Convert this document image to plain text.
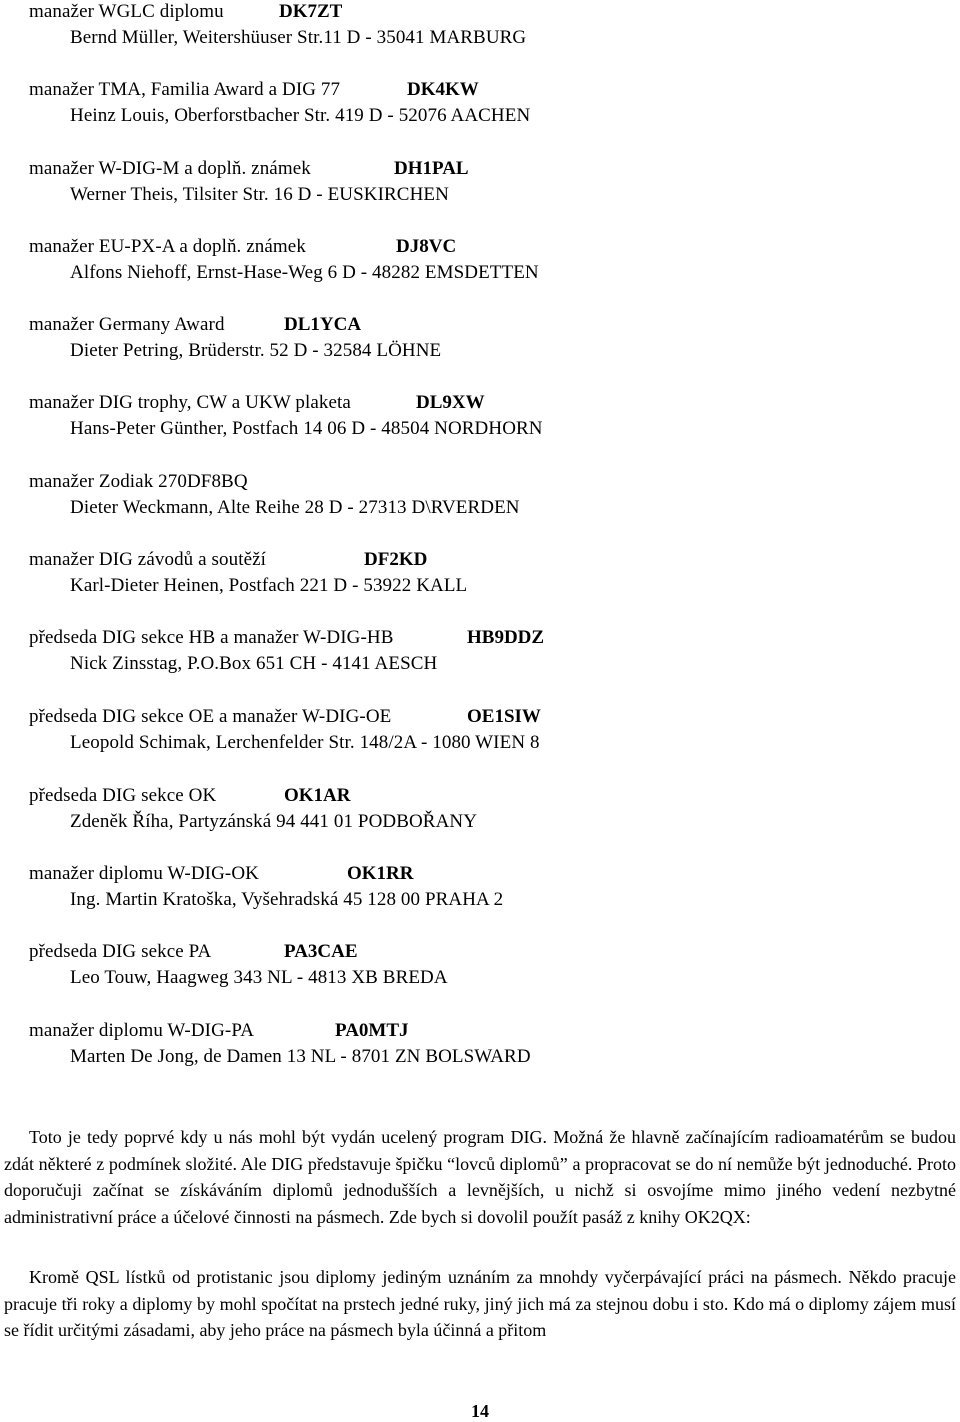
manažer WGLC diplomu	DK7ZT
Bernd Müller, Weitershüuser Str.11 D - 35041 MARBURG
manažer TMA, Familia Award a DIG 77	DK4KW
Heinz Louis, Oberforstbacher Str. 419 D - 52076 AACHEN
manažer W-DIG-M a doplň. známek	DH1PAL
Werner Theis, Tilsiter Str. 16 D - EUSKIRCHEN
manažer EU-PX-A a doplň. známek	DJ8VC
Alfons Niehoff, Ernst-Hase-Weg 6 D - 48282 EMSDETTEN
manažer Germany Award	DL1YCA
Dieter Petring, Brüderstr. 52 D - 32584 LÖHNE
manažer DIG trophy, CW a UKW plaketa	DL9XW
Hans-Peter Günther, Postfach 14 06 D - 48504 NORDHORN
manažer Zodiak 270DF8BQ
Dieter Weckmann, Alte Reihe 28 D - 27313 D\RVERDEN
manažer DIG závodů a soutěží	DF2KD
Karl-Dieter Heinen, Postfach 221 D - 53922 KALL
předseda DIG sekce HB a manažer W-DIG-HB	HB9DDZ
Nick Zinsstag, P.O.Box 651 CH - 4141 AESCH
předseda DIG sekce OE a manažer W-DIG-OE	OE1SIW
Leopold Schimak, Lerchenfelder Str. 148/2A - 1080 WIEN 8
předseda DIG sekce OK	OK1AR
Zdeněk Říha, Partyzánská 94 441 01 PODBOŘANY
manažer diplomu W-DIG-OK	OK1RR
Ing. Martin Kratoška, Vyšehradská 45 128 00 PRAHA 2
předseda DIG sekce PA	PA3CAE
Leo Touw, Haagweg 343 NL - 4813 XB BREDA
manažer diplomu W-DIG-PA	PA0MTJ
Marten De Jong, de Damen 13 NL - 8701 ZN BOLSWARD

Toto je tedy poprvé kdy u nás mohl být vydán ucelený program DIG. Možná že hlavně začínajícím radioamatérům se budou zdát některé z podmínek složité. Ale DIG představuje špičku “lovců diplomů” a propracovat se do ní nemůže být jednoduché. Proto doporučuji začínat se získáváním diplomů jednodušších a levnějších, u nichž si osvojíme mimo jiného vedení nezbytné administrativní práce a účelové činnosti na pásmech. Zde bych si dovolil použít pasáž z knihy OK2QX:

Kromě QSL lístků od protistanic jsou diplomy jediným uznáním za mnohdy vyčerpávající práci na pásmech. Někdo pracuje pracuje tři roky a diplomy by mohl spočítat na prstech jedné ruky, jiný jich má za stejnou dobu i sto. Kdo má o diplomy zájem musí se řídit určitými zásadami, aby jeho práce na pásmech byla účinná a přitom

14
